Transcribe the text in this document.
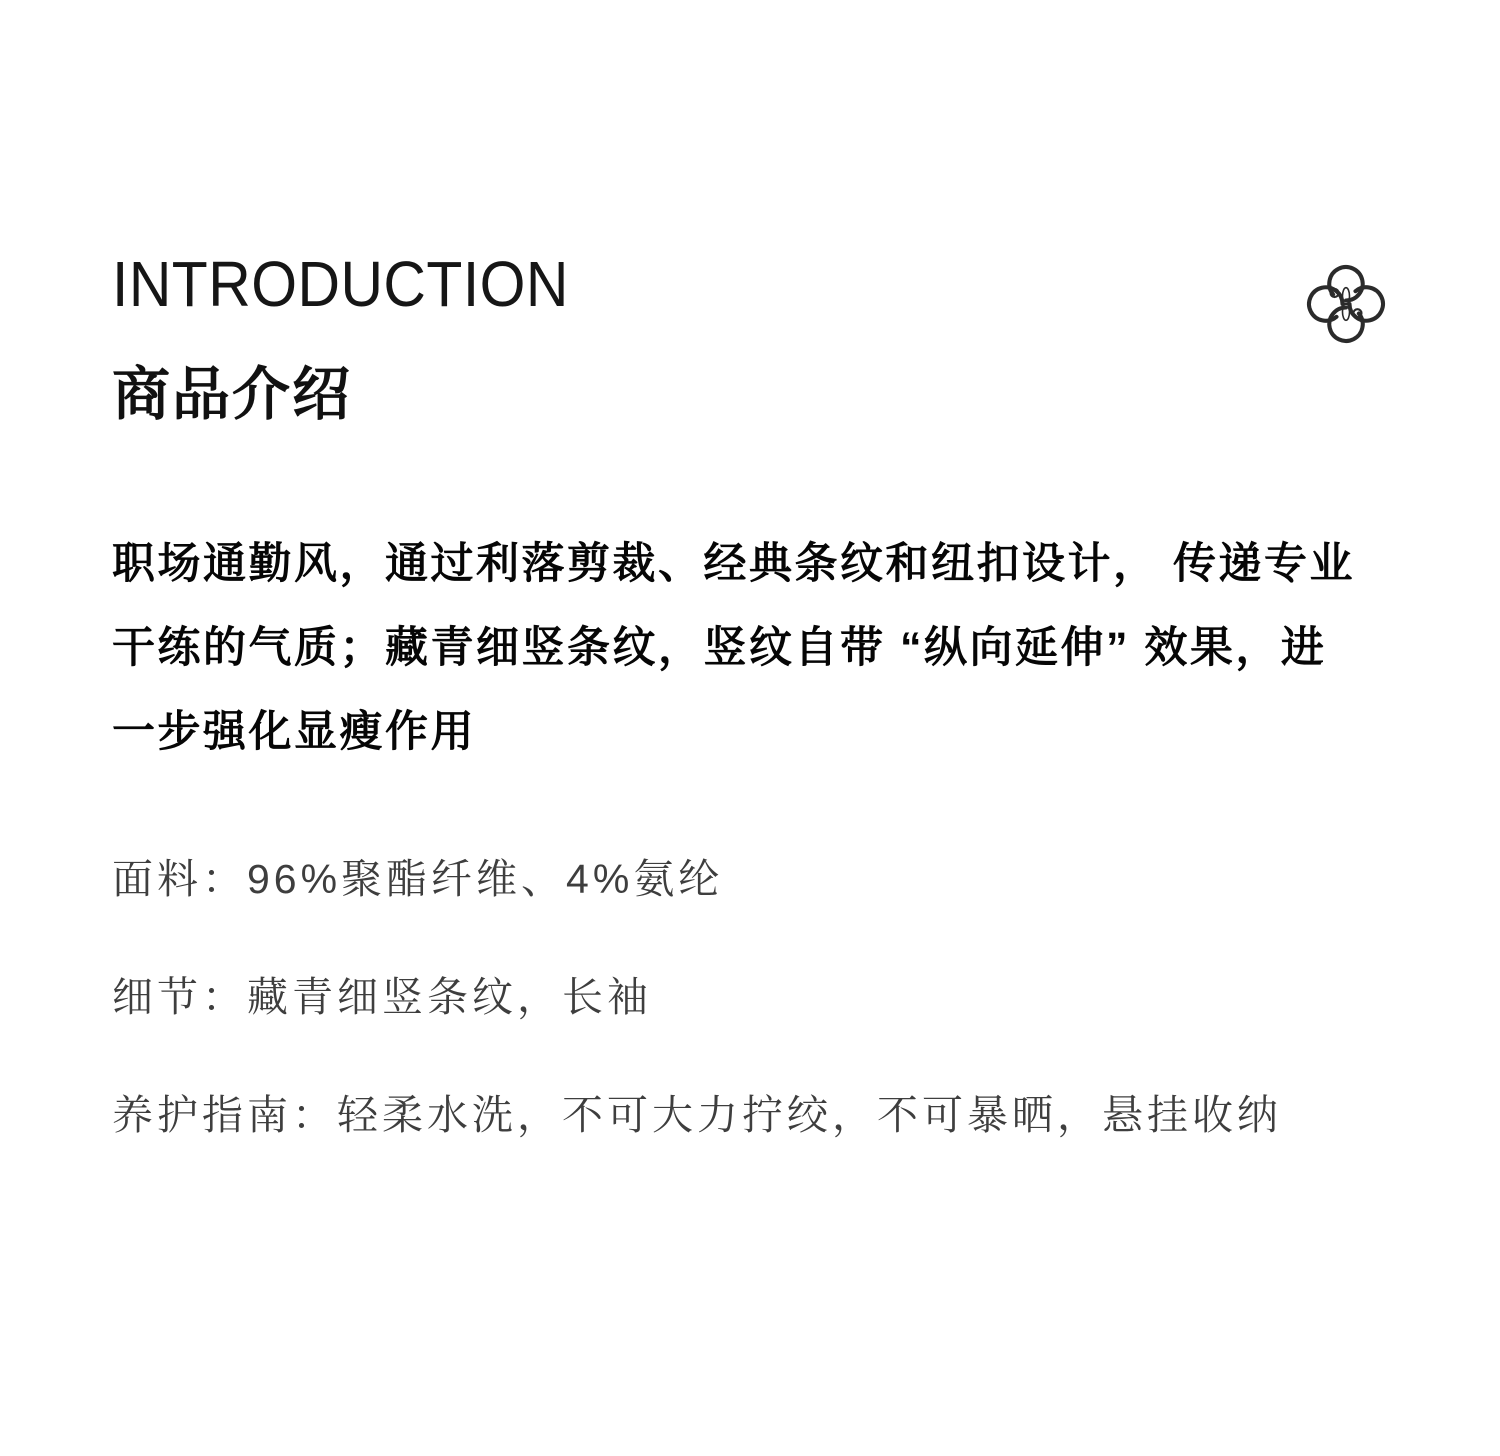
INTRODUCTION
商品介绍
职场通勤风，通过利落剪裁、经典条纹和纽扣设计， 传递专业
干练的气质；藏青细竖条纹，竖纹自带 “纵向延伸” 效果，进
一步强化显瘦作用
面料：96%聚酯纤维、4%氨纶
细节：藏青细竖条纹，长袖
养护指南：轻柔水洗，不可大力拧绞，不可暴晒，悬挂收纳
